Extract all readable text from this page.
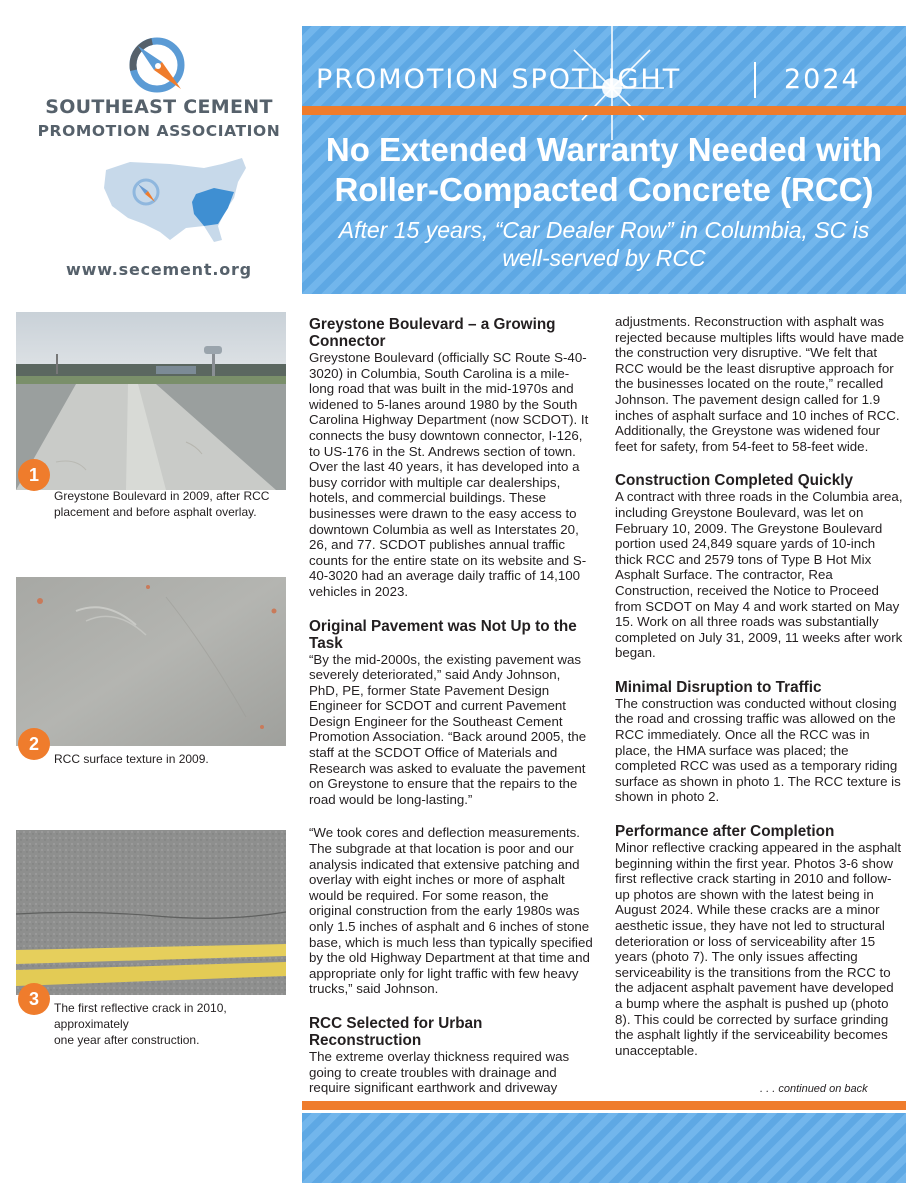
SOUTHEAST CEMENT
PROMOTION ASSOCIATION
www.secement.org
PROMOTION SPOTLIGHT	2024
No Extended Warranty Needed with
Roller-Compacted Concrete (RCC)
After 15 years, “Car Dealer Row” in Columbia, SC is
well-served by RCC
1
Greystone Boulevard in 2009, after RCC
placement and before asphalt overlay.
2
RCC surface texture in 2009.
3	The first reflective crack in 2010, approximately
one year after construction.
Greystone Boulevard – a Growing Connector

Greystone Boulevard (officially SC Route S-40-3020) in Columbia, South Carolina is a mile-long road that was built in the mid-1970s and widened to 5-lanes around 1980 by the South Carolina Highway Department (now SCDOT). It connects the busy downtown connector, I-126, to US-176 in the St. Andrews section of town. Over the last 40 years, it has developed into a busy corridor with multiple car dealerships, hotels, and commercial buildings. These businesses were drawn to the easy access to downtown Columbia as well as Interstates 20, 26, and 77. SCDOT publishes annual traffic counts for the entire state on its website and S-40-3020 had an average daily traffic of 14,100 vehicles in 2023.

Original Pavement was Not Up to the Task

“By the mid-2000s, the existing pavement was severely deteriorated,” said Andy Johnson, PhD, PE, former State Pavement Design Engineer for SCDOT and current Pavement Design Engineer for the Southeast Cement Promotion Association. “Back around 2005, the staff at the SCDOT Office of Materials and Research was asked to evaluate the pavement on Greystone to ensure that the repairs to the road would be long-lasting.”

“We took cores and deflection measurements. The subgrade at that location is poor and our analysis indicated that extensive patching and overlay with eight inches or more of asphalt would be required. For some reason, the original construction from the early 1980s was only 1.5 inches of asphalt and 6 inches of stone base, which is much less than typically specified by the old Highway Department at that time and appropriate only for light traffic with few heavy trucks,” said Johnson.

RCC Selected for Urban Reconstruction

The extreme overlay thickness required was going to create troubles with drainage and require significant earthwork and driveway

adjustments. Reconstruction with asphalt was rejected because multiples lifts would have made the construction very disruptive. “We felt that RCC would be the least disruptive approach for the businesses located on the route,” recalled Johnson. The pavement design called for 1.9 inches of asphalt surface and 10 inches of RCC. Additionally, the Greystone was widened four feet for safety, from 54-feet to 58-feet wide.

Construction Completed Quickly

A contract with three roads in the Columbia area, including Greystone Boulevard, was let on February 10, 2009. The Greystone Boulevard portion used 24,849 square yards of 10-inch thick RCC and 2579 tons of Type B Hot Mix Asphalt Surface. The contractor, Rea Construction, received the Notice to Proceed from SCDOT on May 4 and work started on May 15. Work on all three roads was substantially completed on July 31, 2009, 11 weeks after work began.

Minimal Disruption to Traffic

The construction was conducted without closing the road and crossing traffic was allowed on the RCC immediately. Once all the RCC was in place, the HMA surface was placed; the completed RCC was used as a temporary riding surface as shown in photo 1. The RCC texture is shown in photo 2.

Performance after Completion

Minor reflective cracking appeared in the asphalt beginning within the first year. Photos 3-6 show first reflective crack starting in 2010 and follow-up photos are shown with the latest being in August 2024. While these cracks are a minor aesthetic issue, they have not led to structural deterioration or loss of serviceability after 15 years (photo 7). The only issues affecting serviceability is the transitions from the RCC to the adjacent asphalt pavement have developed a bump where the asphalt is pushed up (photo 8). This could be corrected by surface grinding the asphalt lightly if the serviceability becomes unacceptable.

. . . continued on back
